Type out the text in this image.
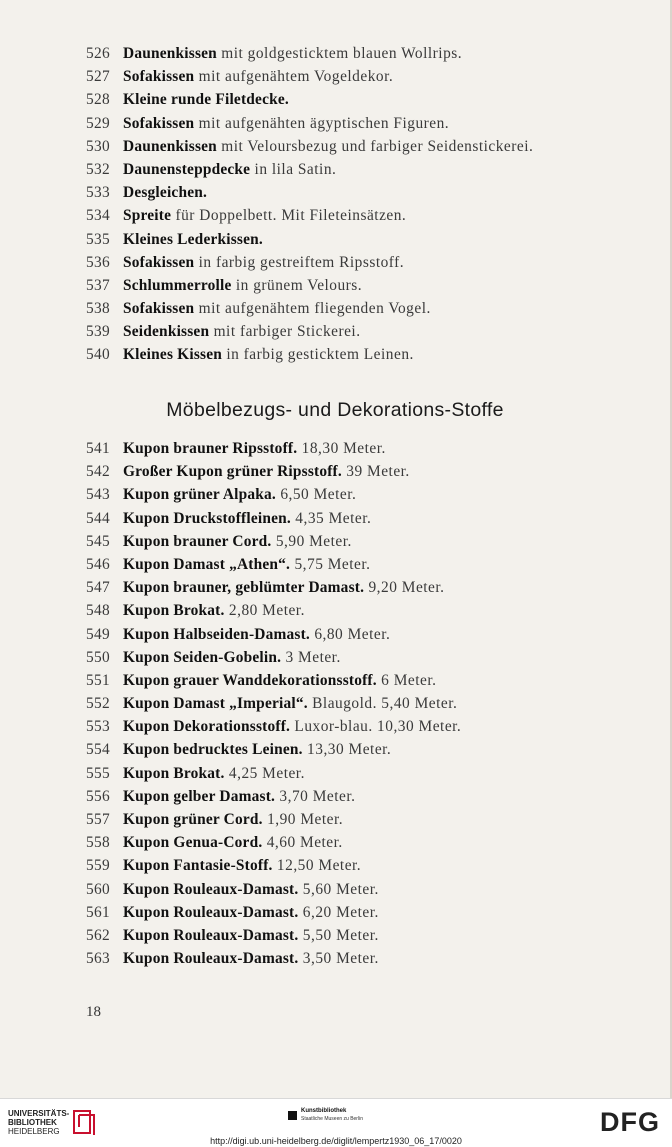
526 Daunenkissen mit goldgesticktem blauen Wollrips.
527 Sofakissen mit aufgenähtem Vogeldekor.
528 Kleine runde Filetdecke.
529 Sofakissen mit aufgenähten ägyptischen Figuren.
530 Daunenkissen mit Veloursbezug und farbiger Seidenstickerei.
532 Daunensteppdecke in lila Satin.
533 Desgleichen.
534 Spreite für Doppelbett. Mit Fileteinsätzen.
535 Kleines Lederkissen.
536 Sofakissen in farbig gestreiftem Ripsstoff.
537 Schlummerrolle in grünem Velours.
538 Sofakissen mit aufgenähtem fliegenden Vogel.
539 Seidenkissen mit farbiger Stickerei.
540 Kleines Kissen in farbig gesticktem Leinen.
Möbelbezugs- und Dekorations-Stoffe
541 Kupon brauner Ripsstoff. 18,30 Meter.
542 Großer Kupon grüner Ripsstoff. 39 Meter.
543 Kupon grüner Alpaka. 6,50 Meter.
544 Kupon Druckstoffleinen. 4,35 Meter.
545 Kupon brauner Cord. 5,90 Meter.
546 Kupon Damast „Athen“. 5,75 Meter.
547 Kupon brauner, geblümter Damast. 9,20 Meter.
548 Kupon Brokat. 2,80 Meter.
549 Kupon Halbseiden-Damast. 6,80 Meter.
550 Kupon Seiden-Gobelin. 3 Meter.
551 Kupon grauer Wanddekorationsstoff. 6 Meter.
552 Kupon Damast „Imperial“. Blaugold. 5,40 Meter.
553 Kupon Dekorationsstoff. Luxor-blau. 10,30 Meter.
554 Kupon bedrucktes Leinen. 13,30 Meter.
555 Kupon Brokat. 4,25 Meter.
556 Kupon gelber Damast. 3,70 Meter.
557 Kupon grüner Cord. 1,90 Meter.
558 Kupon Genua-Cord. 4,60 Meter.
559 Kupon Fantasie-Stoff. 12,50 Meter.
560 Kupon Rouleaux-Damast. 5,60 Meter.
561 Kupon Rouleaux-Damast. 6,20 Meter.
562 Kupon Rouleaux-Damast. 5,50 Meter.
563 Kupon Rouleaux-Damast. 3,50 Meter.
18
UNIVERSITÄTS-
BIBLIOTHEK
HEIDELBERG
Kunstbibliothek
Staatliche Museen zu Berlin	DFG
http://digi.ub.uni-heidelberg.de/diglit/lempertz1930_06_17/0020
